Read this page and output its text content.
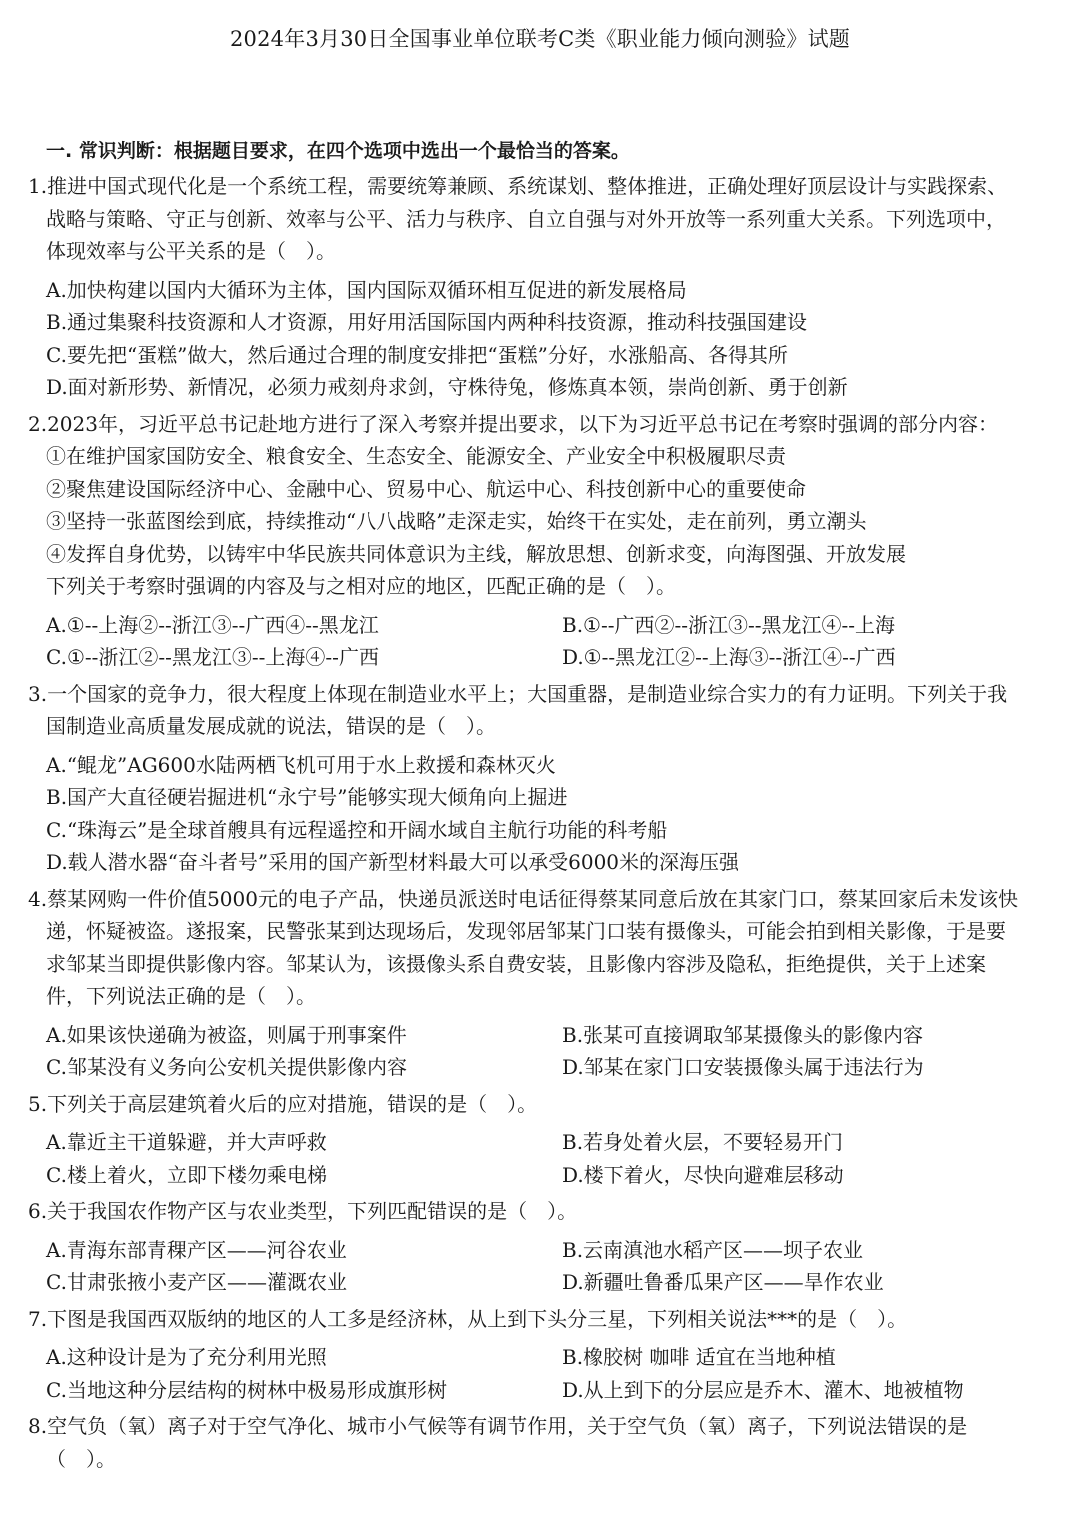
2024年3月30日全国事业单位联考C类《职业能力倾向测验》试题
一. 常识判断：根据题目要求，在四个选项中选出一个最恰当的答案。
1.推进中国式现代化是一个系统工程，需要统筹兼顾、系统谋划、整体推进，正确处理好顶层设计与实践探索、
战略与策略、守正与创新、效率与公平、活力与秩序、自立自强与对外开放等一系列重大关系。下列选项中，
体现效率与公平关系的是（　）。
A.加快构建以国内大循环为主体，国内国际双循环相互促进的新发展格局
B.通过集聚科技资源和人才资源，用好用活国际国内两种科技资源，推动科技强国建设
C.要先把“蛋糕”做大，然后通过合理的制度安排把“蛋糕”分好，水涨船高、各得其所
D.面对新形势、新情况，必须力戒刻舟求剑，守株待兔，修炼真本领，崇尚创新、勇于创新
2.2023年，习近平总书记赴地方进行了深入考察并提出要求，以下为习近平总书记在考察时强调的部分内容：
①在维护国家国防安全、粮食安全、生态安全、能源安全、产业安全中积极履职尽责
②聚焦建设国际经济中心、金融中心、贸易中心、航运中心、科技创新中心的重要使命
③坚持一张蓝图绘到底，持续推动“八八战略”走深走实，始终干在实处，走在前列，勇立潮头
④发挥自身优势，以铸牢中华民族共同体意识为主线，解放思想、创新求变，向海图强、开放发展
下列关于考察时强调的内容及与之相对应的地区，匹配正确的是（　）。
A.①--上海②--浙江③--广西④--黑龙江	B.①--广西②--浙江③--黑龙江④--上海
C.①--浙江②--黑龙江③--上海④--广西	D.①--黑龙江②--上海③--浙江④--广西
3.一个国家的竞争力，很大程度上体现在制造业水平上；大国重器，是制造业综合实力的有力证明。下列关于我
国制造业高质量发展成就的说法，错误的是（　）。
A.“鲲龙”AG600水陆两栖飞机可用于水上救援和森林灭火
B.国产大直径硬岩掘进机“永宁号”能够实现大倾角向上掘进
C.“珠海云”是全球首艘具有远程遥控和开阔水域自主航行功能的科考船
D.载人潜水器“奋斗者号”采用的国产新型材料最大可以承受6000米的深海压强
4.蔡某网购一件价值5000元的电子产品，快递员派送时电话征得蔡某同意后放在其家门口，蔡某回家后未发该快
递，怀疑被盗。遂报案，民警张某到达现场后，发现邻居邹某门口装有摄像头，可能会拍到相关影像，于是要
求邹某当即提供影像内容。邹某认为，该摄像头系自费安装，且影像内容涉及隐私，拒绝提供，关于上述案
件，下列说法正确的是（　）。
A.如果该快递确为被盗，则属于刑事案件	B.张某可直接调取邹某摄像头的影像内容
C.邹某没有义务向公安机关提供影像内容	D.邹某在家门口安装摄像头属于违法行为
5.下列关于高层建筑着火后的应对措施，错误的是（　）。
A.靠近主干道躲避，并大声呼救	B.若身处着火层，不要轻易开门
C.楼上着火，立即下楼勿乘电梯	D.楼下着火，尽快向避难层移动
6.关于我国农作物产区与农业类型，下列匹配错误的是（　）。
A.青海东部青稞产区——河谷农业	B.云南滇池水稻产区——坝子农业
C.甘肃张掖小麦产区——灌溉农业	D.新疆吐鲁番瓜果产区——旱作农业
7.下图是我国西双版纳的地区的人工多是经济林，从上到下头分三星，下列相关说法***的是（　）。
A.这种设计是为了充分利用光照	B.橡胶树 咖啡 适宜在当地种植
C.当地这种分层结构的树林中极易形成旗形树	D.从上到下的分层应是乔木、灌木、地被植物
8.空气负（氧）离子对于空气净化、城市小气候等有调节作用，关于空气负（氧）离子，下列说法错误的是
（　）。
